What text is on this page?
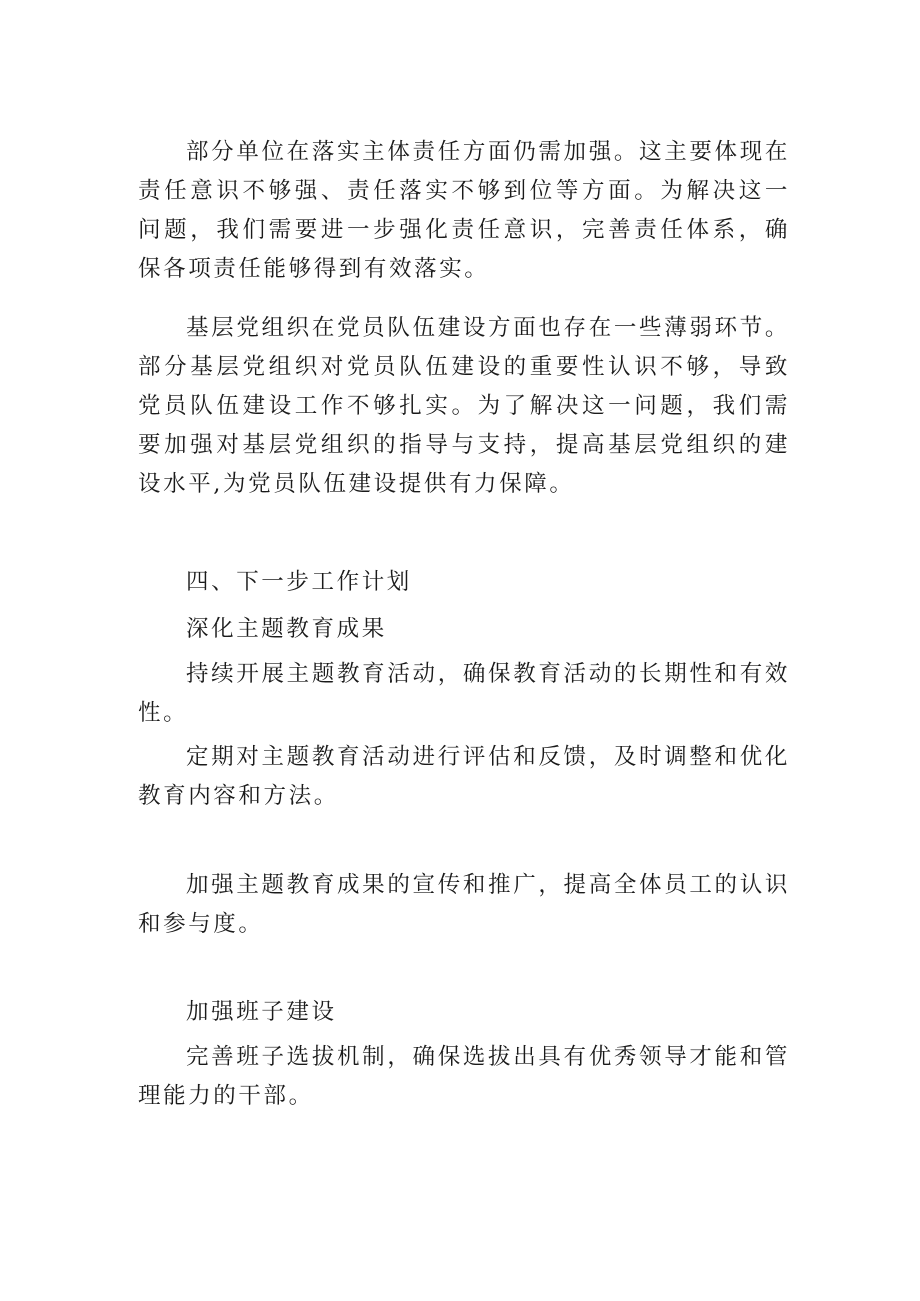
部分单位在落实主体责任方面仍需加强。这主要体现在责任意识不够强、责任落实不够到位等方面。为解决这一问题，我们需要进一步强化责任意识，完善责任体系，确保各项责任能够得到有效落实。

基层党组织在党员队伍建设方面也存在一些薄弱环节。部分基层党组织对党员队伍建设的重要性认识不够，导致党员队伍建设工作不够扎实。为了解决这一问题，我们需要加强对基层党组织的指导与支持，提高基层党组织的建设水平,为党员队伍建设提供有力保障。

四、下一步工作计划

深化主题教育成果

持续开展主题教育活动，确保教育活动的长期性和有效性。

定期对主题教育活动进行评估和反馈，及时调整和优化教育内容和方法。

加强主题教育成果的宣传和推广，提高全体员工的认识和参与度。

加强班子建设

完善班子选拔机制，确保选拔出具有优秀领导才能和管理能力的干部。
